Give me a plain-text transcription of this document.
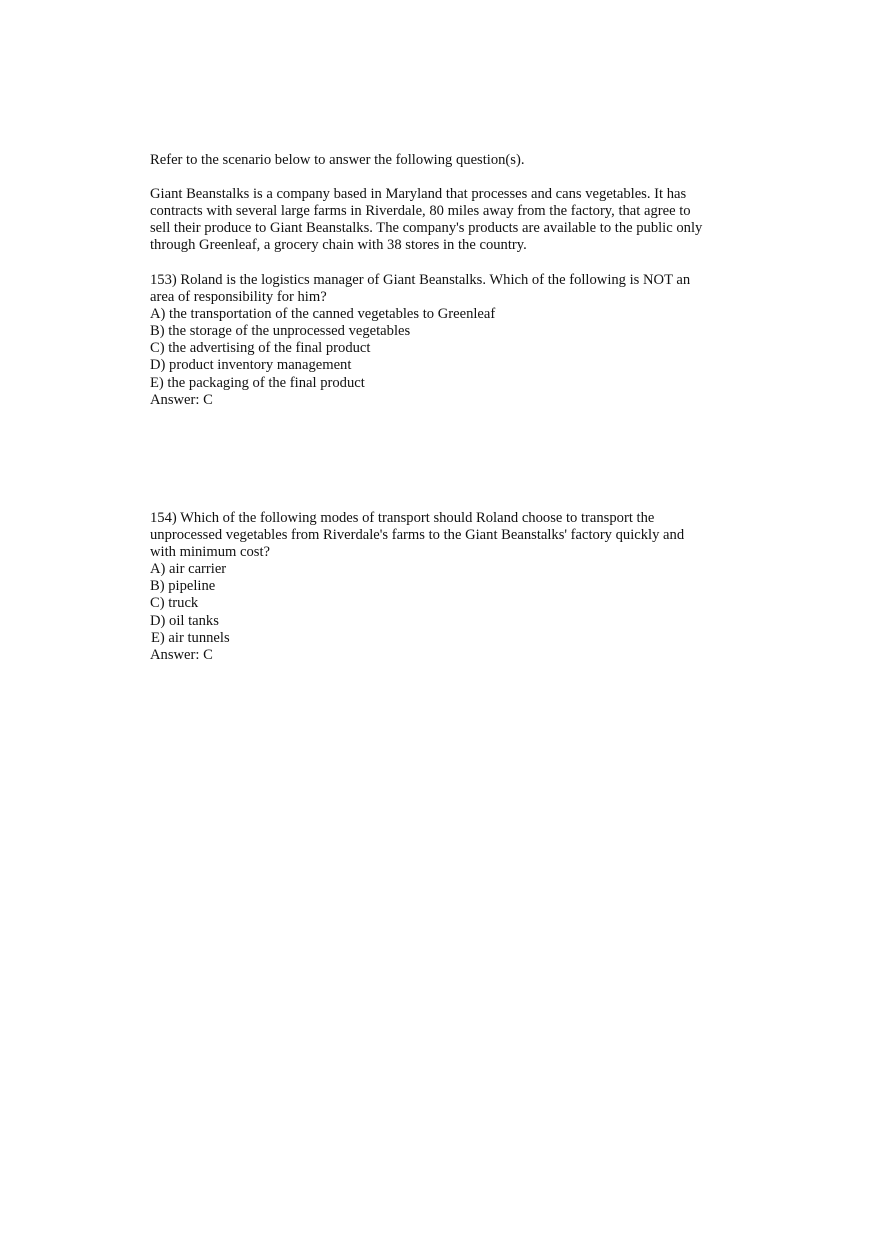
Refer to the scenario below to answer the following question(s).
Giant Beanstalks is a company based in Maryland that processes and cans vegetables. It has
contracts with several large farms in Riverdale, 80 miles away from the factory, that agree to
sell their produce to Giant Beanstalks. The company's products are available to the public only
through Greenleaf, a grocery chain with 38 stores in the country.
153) Roland is the logistics manager of Giant Beanstalks. Which of the following is NOT an
area of responsibility for him?
A) the transportation of the canned vegetables to Greenleaf
B) the storage of the unprocessed vegetables
C) the advertising of the final product
D) product inventory management
E) the packaging of the final product
Answer: C
154) Which of the following modes of transport should Roland choose to transport the
unprocessed vegetables from Riverdale's farms to the Giant Beanstalks' factory quickly and
with minimum cost?
A) air carrier
B) pipeline
C) truck
D) oil tanks
E) air tunnels
Answer: C
